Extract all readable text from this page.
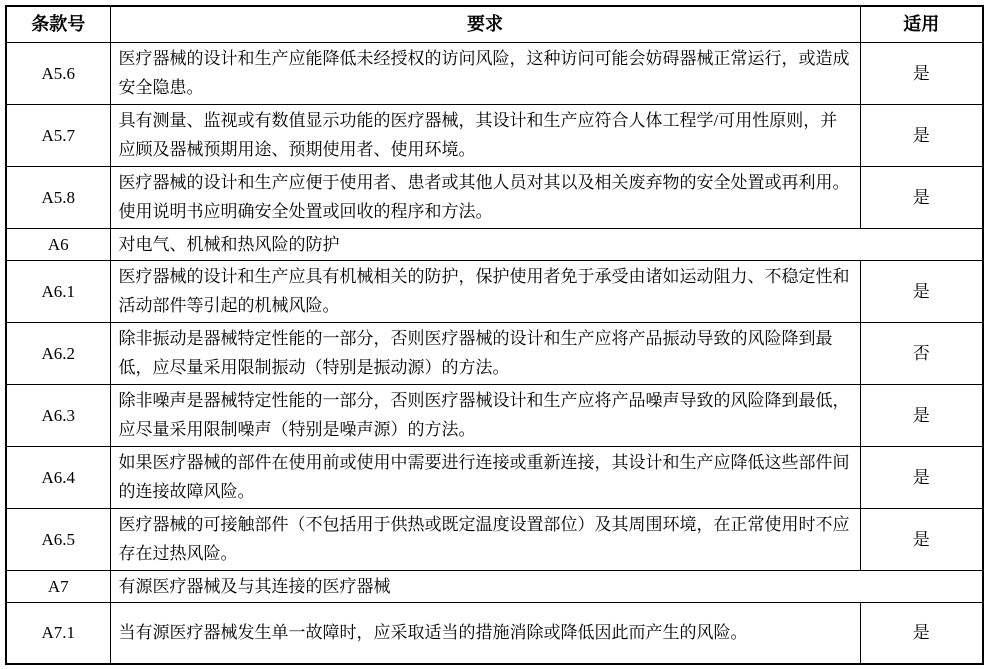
条款号	要求	适用
A5.6	医疗器械的设计和生产应能降低未经授权的访问风险，这种访问可能会妨碍器械正常运行，或造成安全隐患。	是
A5.7	具有测量、监视或有数值显示功能的医疗器械，其设计和生产应符合人体工程学/可用性原则，并应顾及器械预期用途、预期使用者、使用环境。	是
A5.8	医疗器械的设计和生产应便于使用者、患者或其他人员对其以及相关废弃物的安全处置或再利用。使用说明书应明确安全处置或回收的程序和方法。	是
A6	对电气、机械和热风险的防护	
A6.1	医疗器械的设计和生产应具有机械相关的防护，保护使用者免于承受由诸如运动阻力、不稳定性和活动部件等引起的机械风险。	是
A6.2	除非振动是器械特定性能的一部分，否则医疗器械的设计和生产应将产品振动导致的风险降到最低，应尽量采用限制振动（特别是振动源）的方法。	否
A6.3	除非噪声是器械特定性能的一部分，否则医疗器械设计和生产应将产品噪声导致的风险降到最低，应尽量采用限制噪声（特别是噪声源）的方法。	是
A6.4	如果医疗器械的部件在使用前或使用中需要进行连接或重新连接，其设计和生产应降低这些部件间的连接故障风险。	是
A6.5	医疗器械的可接触部件（不包括用于供热或既定温度设置部位）及其周围环境，在正常使用时不应存在过热风险。	是
A7	有源医疗器械及与其连接的医疗器械	
A7.1	当有源医疗器械发生单一故障时，应采取适当的措施消除或降低因此而产生的风险。	是
